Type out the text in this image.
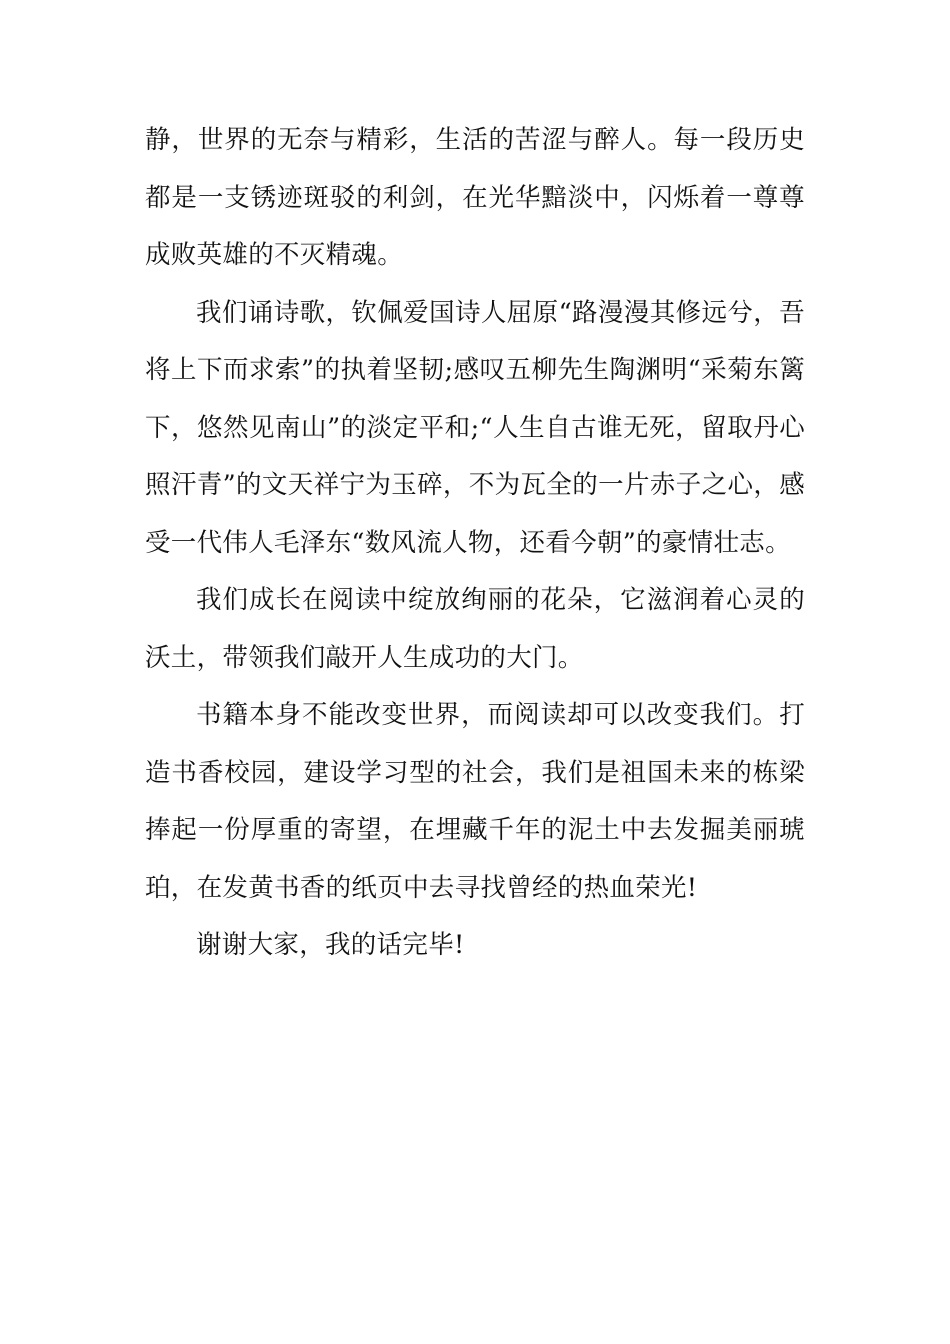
静，世界的无奈与精彩，生活的苦涩与醉人。每一段历史都是一支锈迹斑驳的利剑，在光华黯淡中，闪烁着一尊尊成败英雄的不灭精魂。

我们诵诗歌，钦佩爱国诗人屈原“路漫漫其修远兮，吾将上下而求索”的执着坚韧;感叹五柳先生陶渊明“采菊东篱下，悠然见南山”的淡定平和;“人生自古谁无死，留取丹心照汗青”的文天祥宁为玉碎，不为瓦全的一片赤子之心，感受一代伟人毛泽东“数风流人物，还看今朝”的豪情壮志。

我们成长在阅读中绽放绚丽的花朵，它滋润着心灵的沃土，带领我们敲开人生成功的大门。

书籍本身不能改变世界，而阅读却可以改变我们。打造书香校园，建设学习型的社会，我们是祖国未来的栋梁捧起一份厚重的寄望，在埋藏千年的泥土中去发掘美丽琥珀，在发黄书香的纸页中去寻找曾经的热血荣光!

谢谢大家，我的话完毕!
